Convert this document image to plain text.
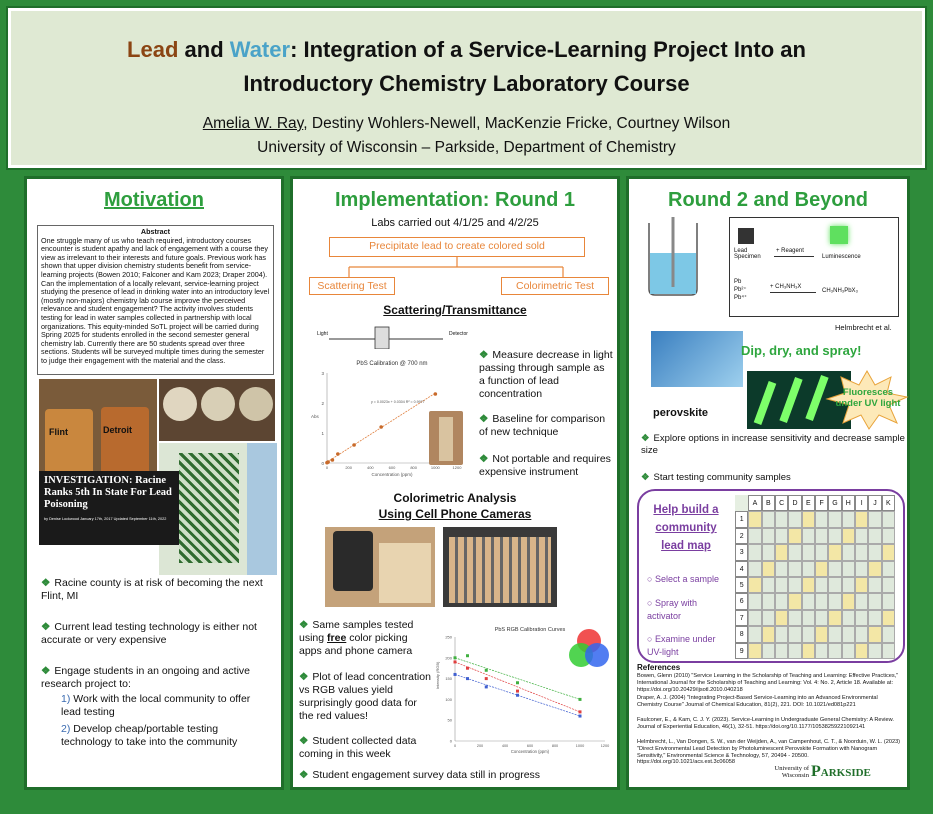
Lead and Water: Integration of a Service-Learning Project Into an
Introductory Chemistry Laboratory Course
Amelia W. Ray, Destiny Wohlers-Newell, MacKenzie Fricke, Courtney Wilson
University of Wisconsin – Parkside, Department of Chemistry
Motivation
Abstract
One struggle many of us who teach required, introductory courses encounter is student apathy and lack of engagement with a course they view as irrelevant to their interests and future goals. Previous work has shown that upper division chemistry students benefit from service-learning projects (Bowen 2010; Falconer and Kam 2023; Draper 2004). Can the implementation of a locally relevant, service-learning project studying the presence of lead in drinking water into an introductory level (mostly non-majors) chemistry lab course improve the perceived relevance and student engagement? The activity involves students testing for lead in water samples collected in partnership with local organizations. This equity-minded SoTL project will be carried during Spring 2025 for students enrolled in the second semester general chemistry lab. Currently there are 50 students spread over three sections. Students will be surveyed multiple times during the semester to judge their engagement with the material and the class.
Flint	Detroit
INVESTIGATION: Racine Ranks 5th In State For Lead Poisoning
by Denise Lockwood January 17th, 2017 Updated September 11th, 2022
❖ Racine county is at risk of becoming the next Flint, MI
❖ Current lead testing technology is either not accurate or very expensive
❖ Engage students in an ongoing and active research project to:
1) Work with the local community to offer lead testing
2) Develop cheap/portable testing technology to take into the community
Implementation: Round 1
Labs carried out 4/1/25 and 4/2/25
Precipitate lead to create colored sold
Scattering Test	Colorimetric Test
Scattering/Transmittance
Light	Detector
PbS Calibration @ 700 nm
0
1
2
3
0	200	400	600	800	1000	1200
Concentration (ppm)
Abs
y = 0.0023x + 0.0304 R² = 0.9977
❖ Measure decrease in light passing through sample as a function of lead concentration
❖ Baseline for comparison of new technique
❖ Not portable and requires expensive instrument
Colorimetric Analysis
Using Cell Phone Cameras
❖ Same samples tested using free color picking apps and phone camera
❖ Plot of lead concentration vs RGB values yield surprisingly good data for the red values!
❖ Student collected data coming in this week
PbS RGB Calibration Curves
0
50
100
150
200
250
0	200	400	600	800	1000	1200
Concentration (ppm)
Intensity (RGB)
❖ Student engagement survey data still in progress
Round 2 and Beyond
Lead Specimen
+ Reagent
Luminescence
Pb
Pb²⁺
Pb⁴⁺
+ CH₃NH₃X
CH₃NH₃PbX₃
Helmbrecht et al.
Dip, dry, and spray!
perovskite
Fluoresces under UV light
❖ Explore options in increase sensitivity and decrease sample size
❖ Start testing community samples
Help build a community lead map
○ Select a sample
○ Spray with activator
○ Examine under UV-light
A	B	C	D	E	F	G	H	I	J	K
1
2
3
4
5
6
7
8
9
References
Bowen, Glenn (2010) "Service Learning in the Scholarship of Teaching and Learning: Effective Practices," International Journal for the Scholarship of Teaching and Learning: Vol. 4: No. 2, Article 18. Available at: https://doi.org/10.20429/ijsotl.2010.040218
Draper, A. J. (2004) "Integrating Project-Based Service-Learning into an Advanced Environmental Chemistry Course" Journal of Chemical Education, 81(2), 221. DOI: 10.1021/ed081p221
Faulconer, E., & Kam, C. J. Y. (2023). Service-Learning in Undergraduate General Chemistry: A Review. Journal of Experiential Education, 46(1), 32-51. https://doi.org/10.1177/10538259221092141
Helmbrecht, L., Van Dongen, S. W., van der Weijden, A., van Campenhout, C. T., & Noorduin, W. L. (2023) "Direct Environmental Lead Detection by Photoluminescent Perovskite Formation with Nanogram Sensitivity," Environmental Science & Technology, 57, 20494 - 20500. https://doi.org/10.1021/acs.est.3c06058
University of Wisconsin Parkside
